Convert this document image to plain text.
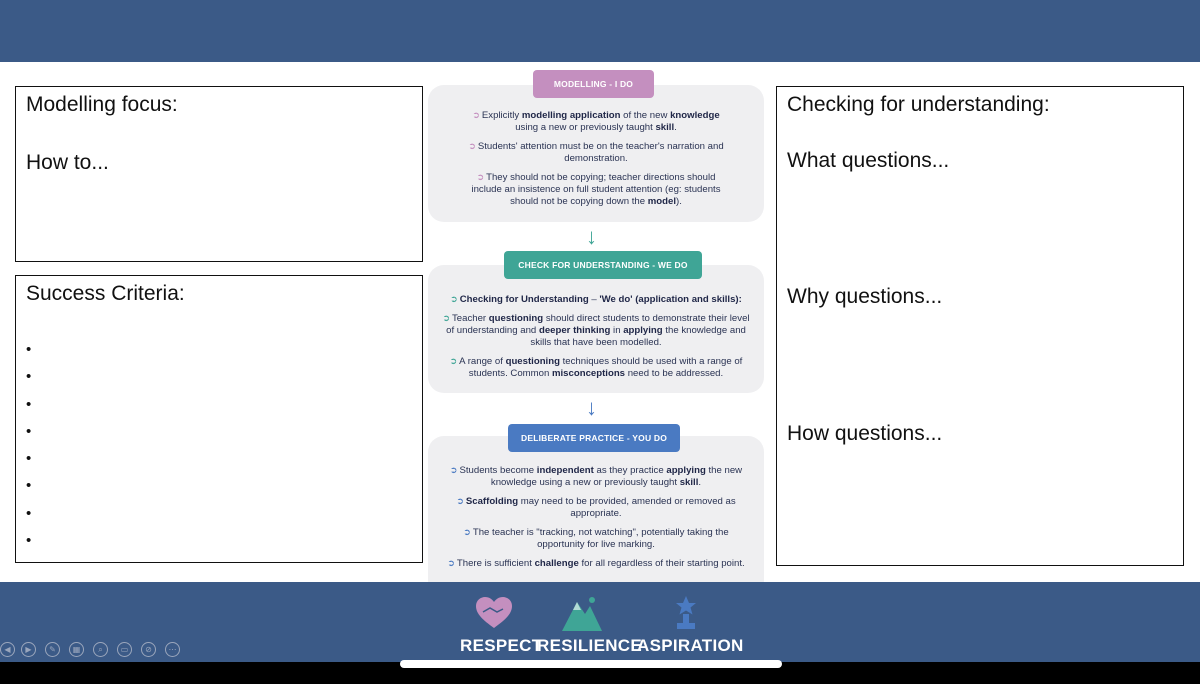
Modelling focus:
How to...
Success Criteria:
•
•
•
•
•
•
•
•
Checking for understanding:
What questions...
Why questions...
How questions...

➲ Explicitly modelling application of the new knowledge using a new or previously taught skill.

➲ Students' attention must be on the teacher's narration and demonstration.

➲ They should not be copying; teacher directions should include an insistence on full student attention (eg: students should not be copying down the model).

MODELLING - I DO
↓

➲ Checking for Understanding – 'We do' (application and skills):

➲ Teacher questioning should direct students to demonstrate their level of understanding and deeper thinking in applying the knowledge and skills that have been modelled.

➲ A range of questioning techniques should be used with a range of students. Common misconceptions need to be addressed.

CHECK FOR UNDERSTANDING - WE DO
↓

➲ Students become independent as they practice applying the new knowledge using a new or previously taught skill.

➲ Scaffolding may need to be provided, amended or removed as appropriate.

➲ The teacher is "tracking, not watching", potentially taking the opportunity for live marking.

➲ There is sufficient challenge for all regardless of their starting point.

DELIBERATE PRACTICE - YOU DO
RESPECT
RESILIENCE
ASPIRATION
◀	▶	✎	▦	⌕	▭	⊘	⋯
